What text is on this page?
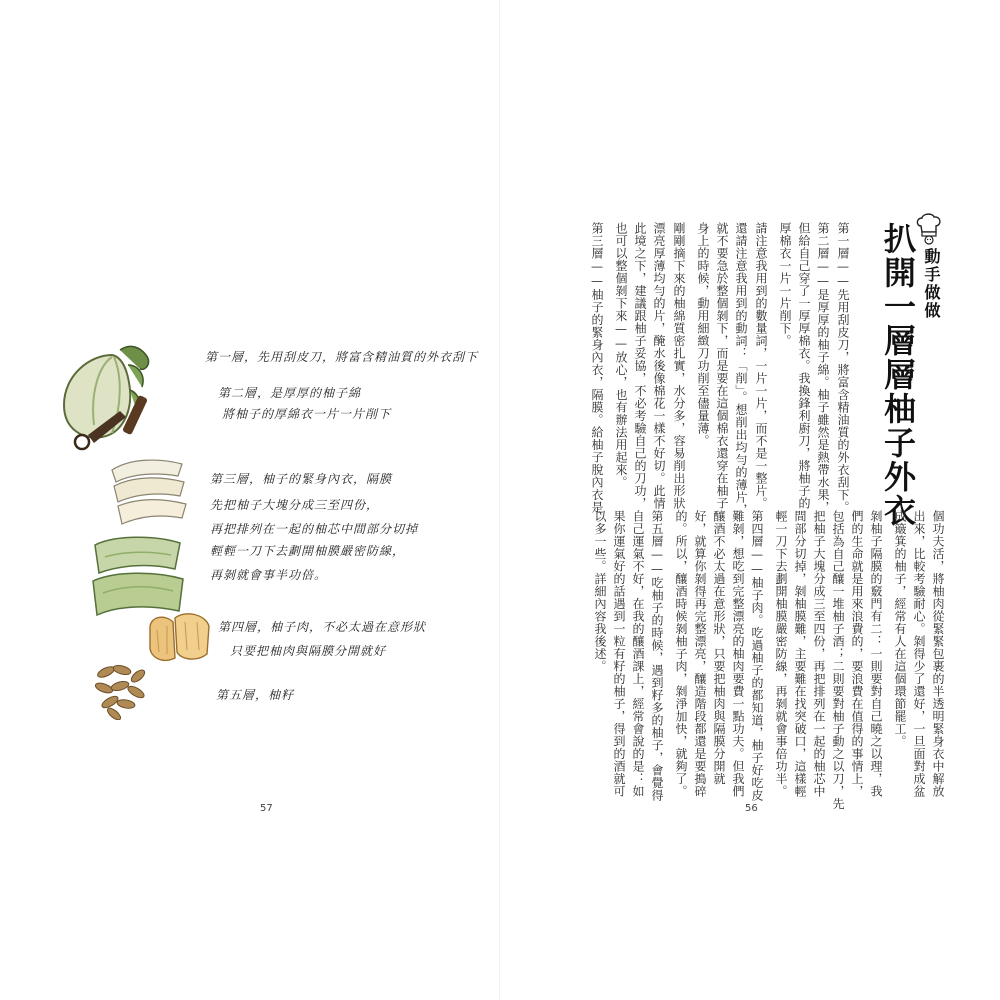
第一層，先用刮皮刀，將富含精油質的外衣刮下
第二層，是厚厚的柚子綿
將柚子的厚綿衣一片一片削下
第三層，柚子的緊身內衣，隔膜
先把柚子大塊分成三至四份，
再把排列在一起的柚芯中間部分切掉
輕輕一刀下去劃開柚膜嚴密防線，
再剝就會事半功倍。
第四層，柚子肉，不必太過在意形狀
只要把柚肉與隔膜分開就好
第五層，柚籽
57
動手做做
扒開一層層柚子外衣
第一層——先用刮皮刀，將富含精油質的外衣刮下。
第二層——是厚厚的柚子綿。柚子雖然是熱帶水果，
但給自己穿了一厚厚棉衣。我換鋒利廚刀，將柚子的
厚棉衣一片一片削下。
請注意我用到的數量詞，一片一片，而不是一整片。
還請注意我用到的動詞：「削」。想削出均勻的薄片，
就不要急於整個剝下，而是要在這個棉衣還穿在柚子
身上的時候，動用細緻刀功削至儘量薄。
剛剛摘下來的柚綿質密扎實，水分多，容易削出形狀
漂亮厚薄均勻的片，醃水後像棉花一樣不好切。此情
此境之下，建議跟柚子妥協，不必考驗自己的刀功，
也可以整個剝下來——放心，也有辦法用起來。
第三層——柚子的緊身內衣，隔膜。給柚子脫內衣是
個功夫活，將柚肉從緊緊包裹的半透明緊身衣中解放
出來，比較考驗耐心。剝得少了還好，一旦面對成盆
成簸箕的柚子，經常有人在這個環節罷工。
剝柚子隔膜的竅門有二：一則要對自己曉之以理，我
們的生命就是用來浪費的，要浪費在值得的事情上，
包括為自己釀一堆柚子酒；二則要對柚子動之以刀，先
把柚子大塊分成三至四份，再把排列在一起的柚芯中
間部分切掉，剝柚膜難，主要難在找突破口，這樣輕
輕一刀下去劃開柚膜嚴密防線，再剝就會事倍功半。
第四層——柚子肉。吃過柚子的都知道，柚子好吃皮
難剝，想吃到完整漂亮的柚肉要費一點功夫。但我們
釀酒不必太過在意形狀，只要把柚肉與隔膜分開就
好，就算你剝得再完整漂亮，釀造階段都還是要搗碎
的。所以，釀酒時候剝柚子肉，剝淨加快，就夠了。
第五層——吃柚子的時候，遇到籽多的柚子，會覺得
自己運氣不好，在我的釀酒課上，經常會說的是：如
果你運氣好的話遇到一粒有籽的柚子，得到的酒就可
以多一些。詳細內容我後述。
56
